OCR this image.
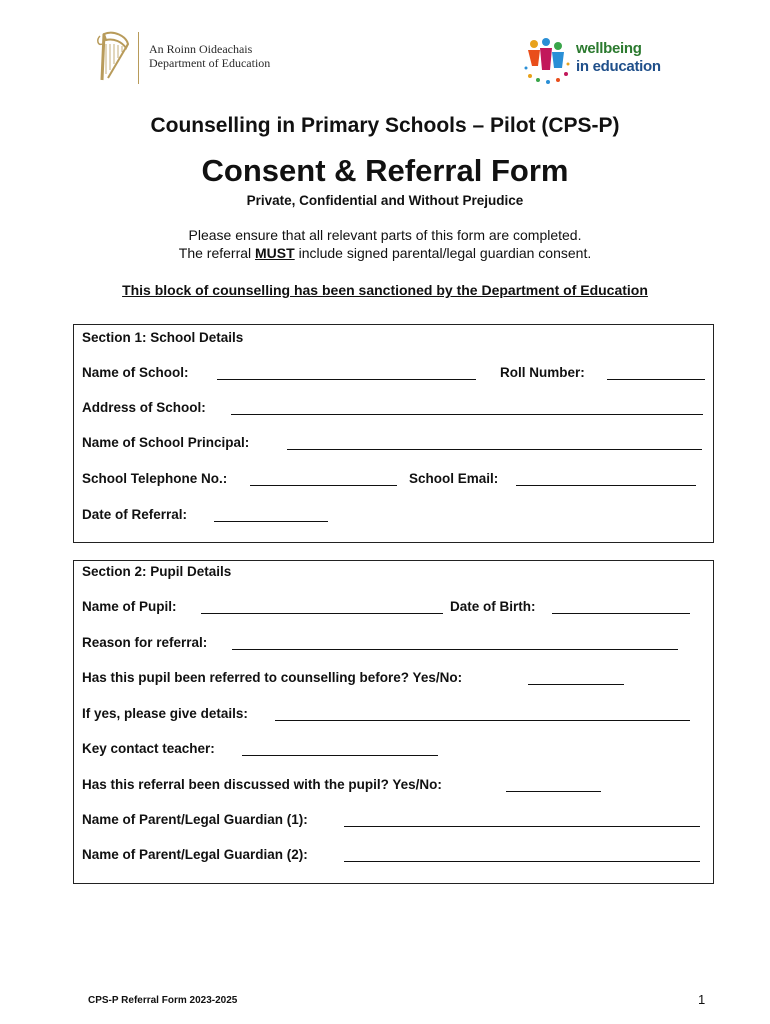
An Roinn Oideachais
Department of Education
wellbeing
in education
Counselling in Primary Schools – Pilot (CPS-P)
Consent & Referral Form
Private, Confidential and Without Prejudice
Please ensure that all relevant parts of this form are completed.
The referral MUST include signed parental/legal guardian consent.
This block of counselling has been sanctioned by the Department of Education
Section 1: School Details
Name of School:	Roll Number:
Address of School:
Name of School Principal:
School Telephone No.:	School Email:
Date of Referral:
Section 2: Pupil Details
Name of Pupil:	Date of Birth:
Reason for referral:
Has this pupil been referred to counselling before? Yes/No:
If yes, please give details:
Key contact teacher:
Has this referral been discussed with the pupil? Yes/No:
Name of Parent/Legal Guardian (1):
Name of Parent/Legal Guardian (2):
CPS-P Referral Form 2023-2025	1
